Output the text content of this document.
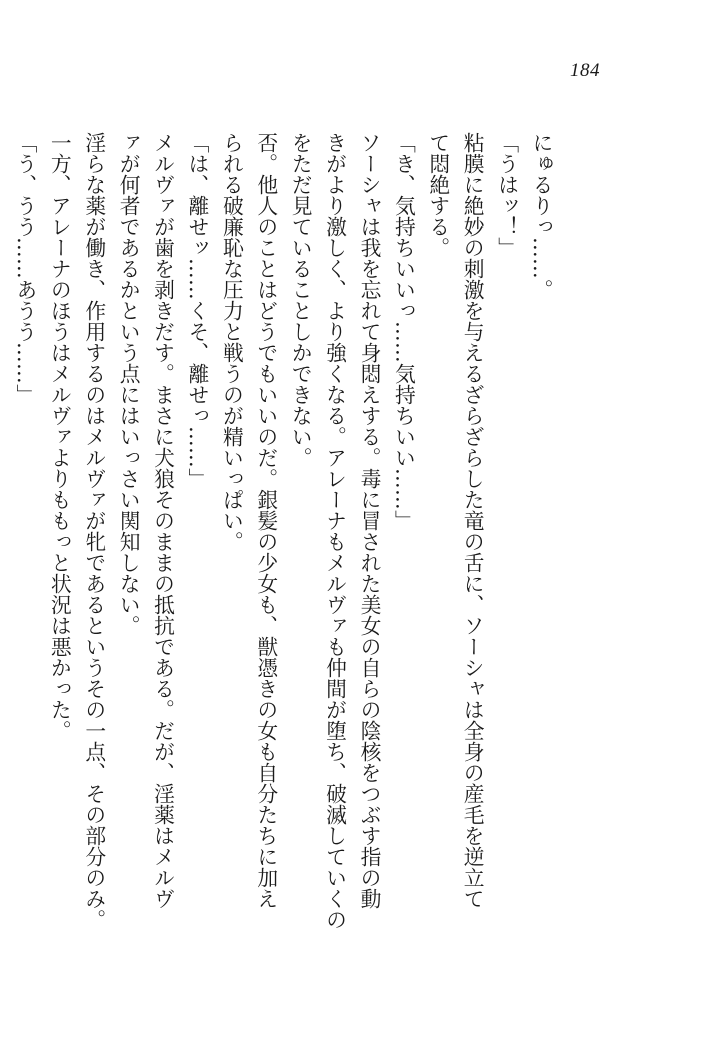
184
にゅるりっ……。
「うはッ！」
粘膜に絶妙の刺激を与えるざらざらした竜の舌に、ソーシャは全身の産毛を逆立て
て悶絶する。
「き、気持ちいいっ……気持ちいい……」
ソーシャは我を忘れて身悶えする。毒に冒された美女の自らの陰核をつぶす指の動
きがより激しく、より強くなる。アレーナもメルヴァも仲間が堕ち、破滅していくの
をただ見ていることしかできない。
否。他人のことはどうでもいいのだ。銀髪の少女も、獣憑きの女も自分たちに加え
られる破廉恥な圧力と戦うのが精いっぱい。
「は、離せッ……くそ、離せっ……」
メルヴァが歯を剥きだす。まさに犬狼そのままの抵抗である。だが、淫薬はメルヴ
ァが何者であるかという点にはいっさい関知しない。
淫らな薬が働き、作用するのはメルヴァが牝であるというその一点、その部分のみ。
一方、アレーナのほうはメルヴァよりももっと状況は悪かった。
「う、うう……あうう……」
